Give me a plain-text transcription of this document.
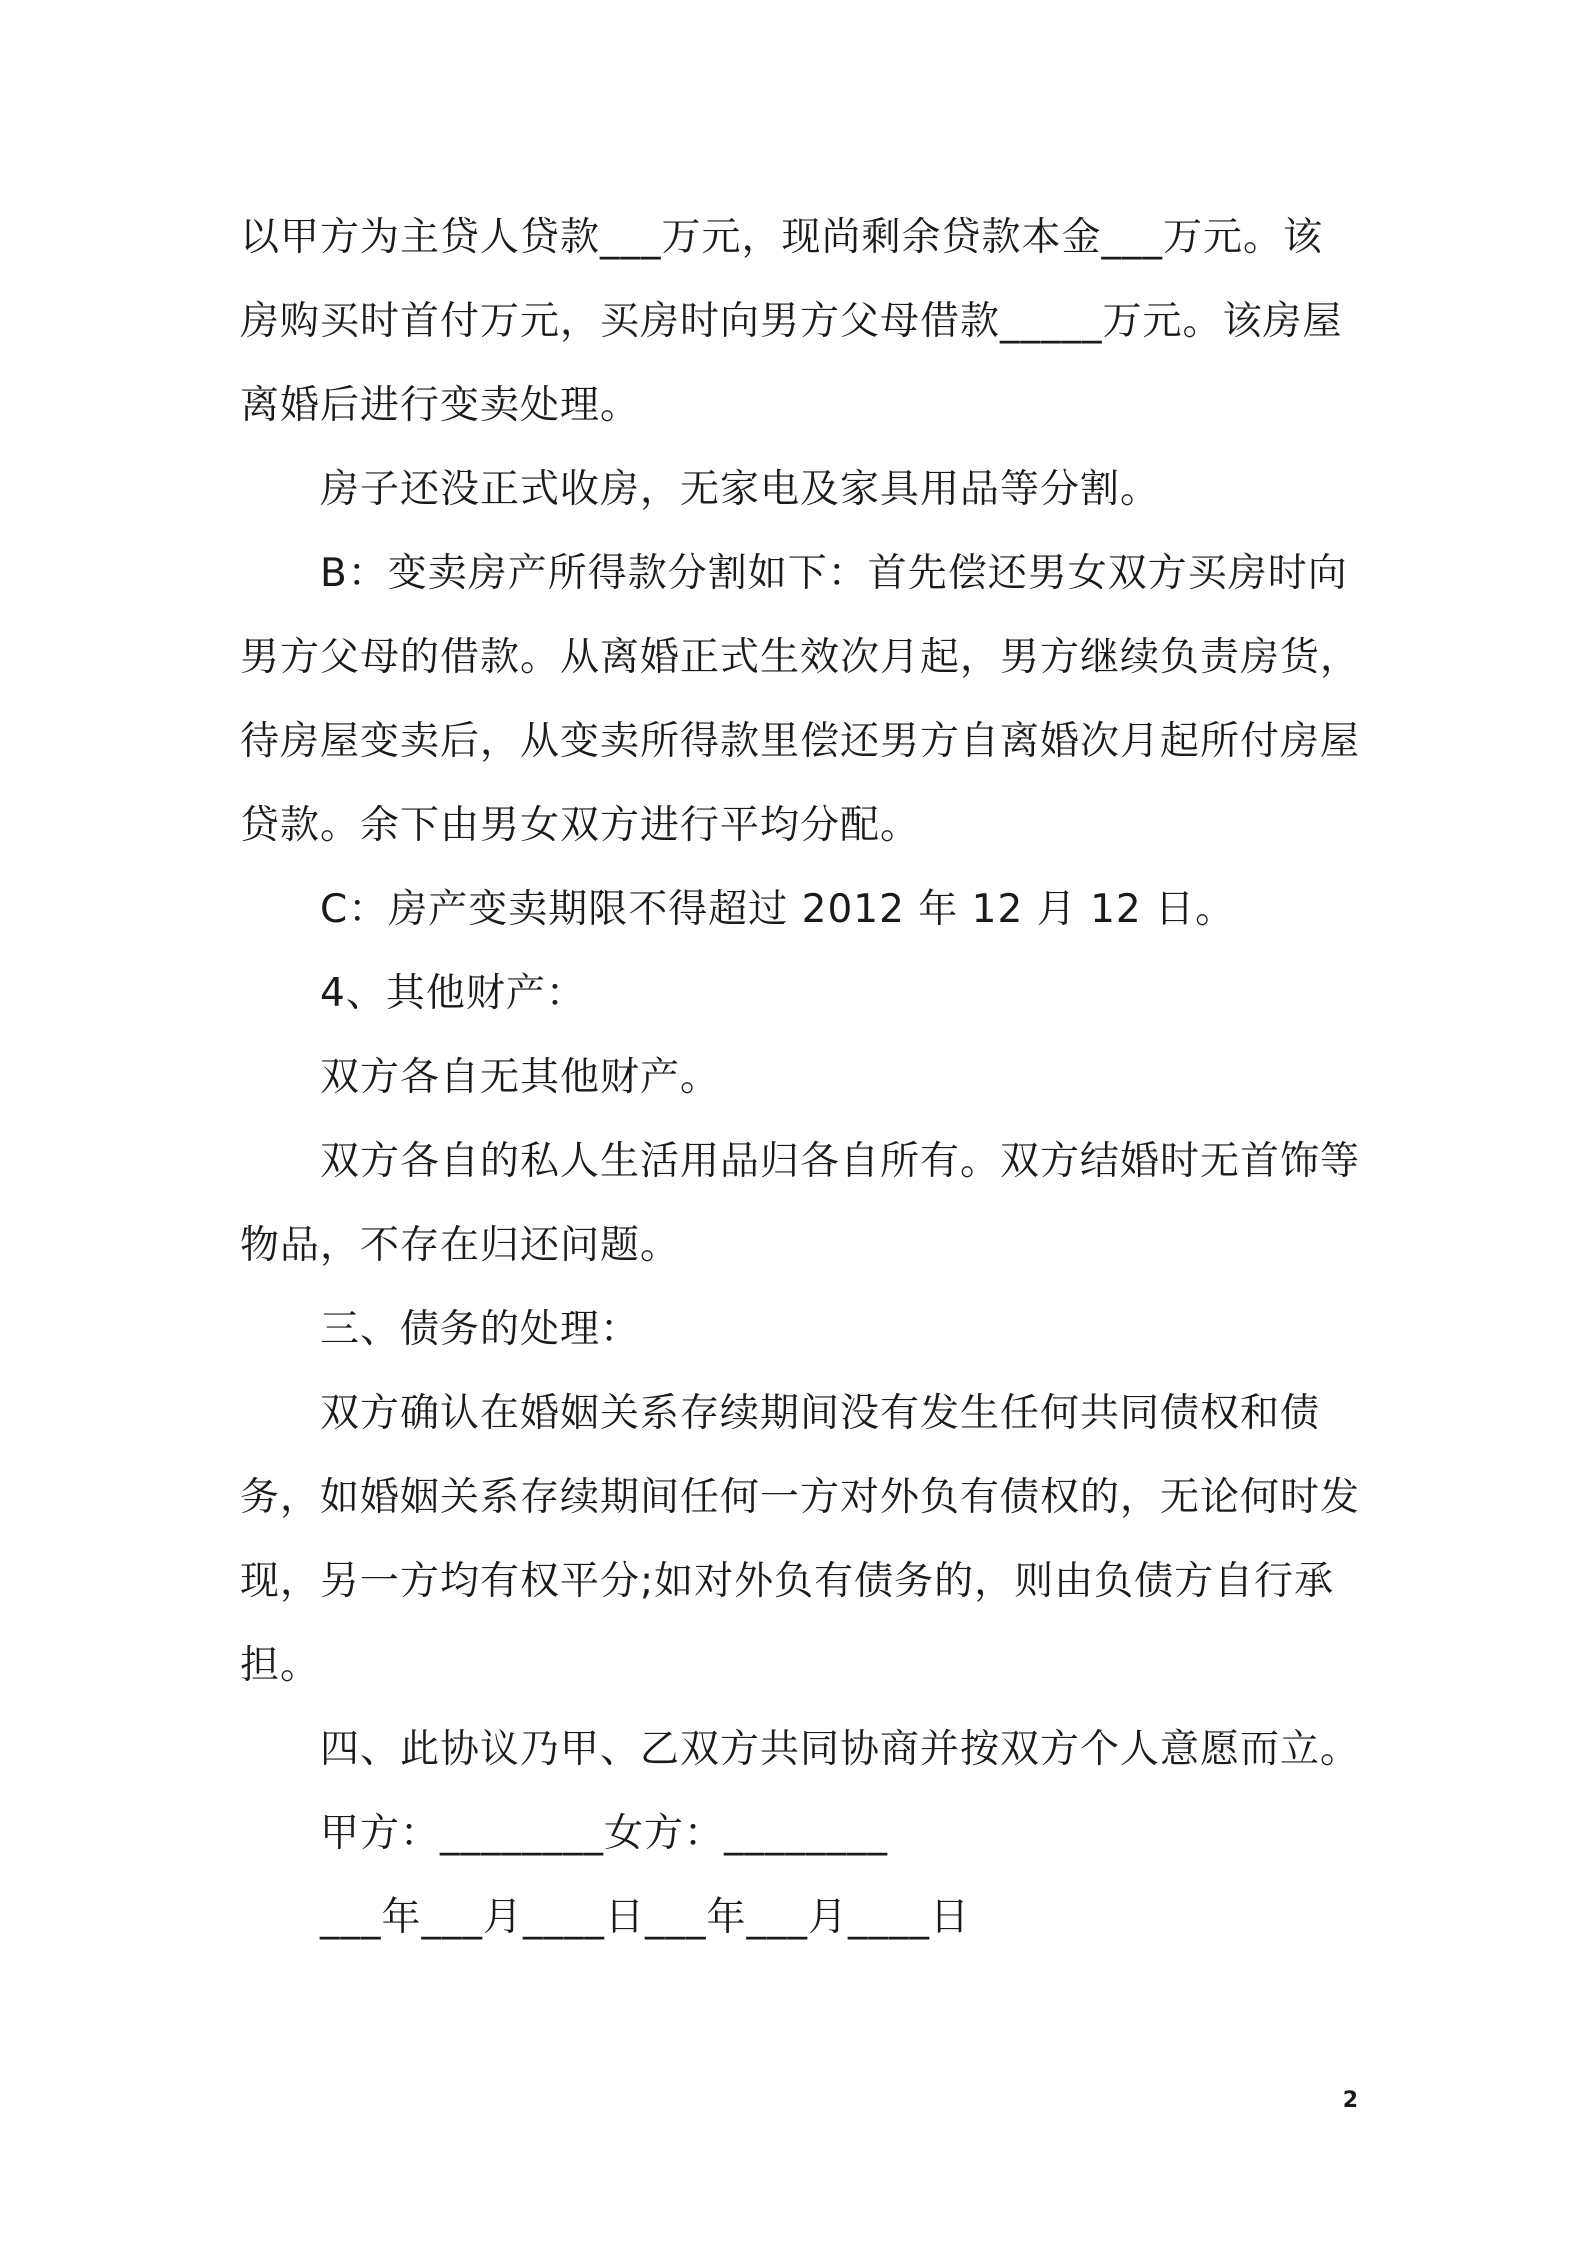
以甲方为主贷人贷款___万元，现尚剩余贷款本金___万元。该房购买时首付万元，买房时向男方父母借款_____万元。该房屋离婚后进行变卖处理。

房子还没正式收房，无家电及家具用品等分割。

B：变卖房产所得款分割如下：首先偿还男女双方买房时向男方父母的借款。从离婚正式生效次月起，男方继续负责房货，待房屋变卖后，从变卖所得款里偿还男方自离婚次月起所付房屋贷款。余下由男女双方进行平均分配。

C：房产变卖期限不得超过 2012 年 12 月 12 日。

4、其他财产：

双方各自无其他财产。

双方各自的私人生活用品归各自所有。双方结婚时无首饰等物品，不存在归还问题。

三、债务的处理：

双方确认在婚姻关系存续期间没有发生任何共同债权和债务，如婚姻关系存续期间任何一方对外负有债权的，无论何时发现，另一方均有权平分;如对外负有债务的，则由负债方自行承担。

四、此协议乃甲、乙双方共同协商并按双方个人意愿而立。

甲方：________女方：________

___年___月____日___年___月____日

2
